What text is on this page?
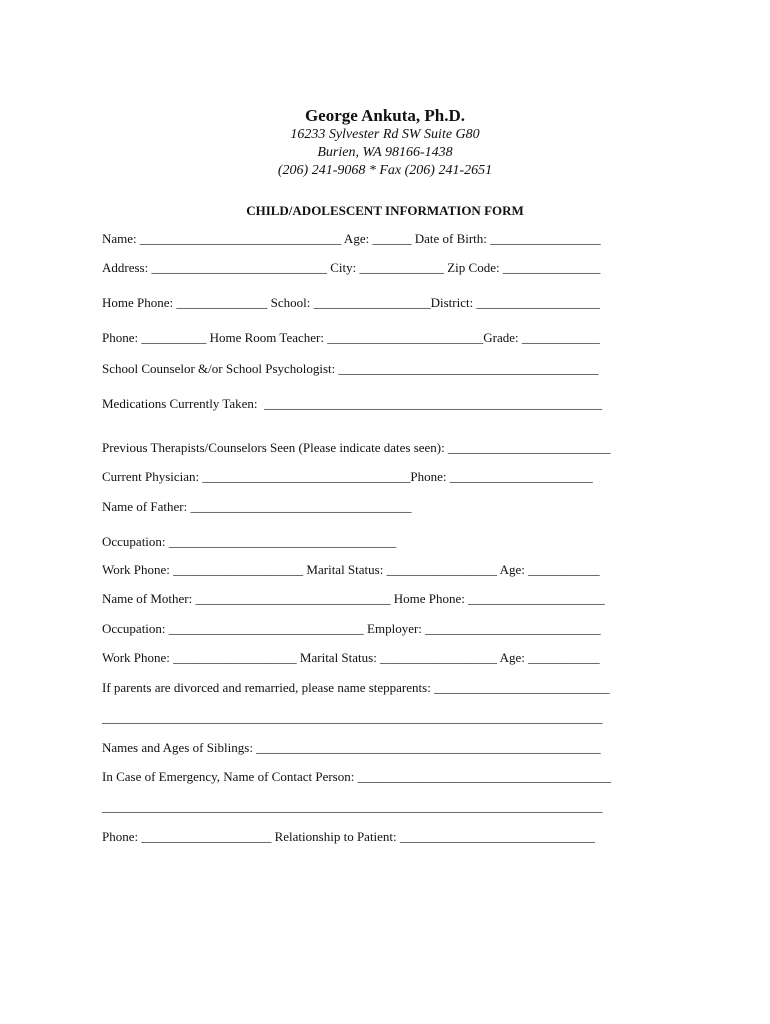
George Ankuta, Ph.D.
16233 Sylvester Rd SW Suite G80
Burien, WA 98166-1438
(206) 241-9068 * Fax (206) 241-2651
CHILD/ADOLESCENT INFORMATION FORM
Name: _______________________________ Age: ______ Date of Birth: _________________
Address: ___________________________ City: _____________ Zip Code: _______________
Home Phone: ______________ School: __________________District: ___________________
Phone: __________ Home Room Teacher: ________________________Grade: ____________
School Counselor &/or School Psychologist: ________________________________________
Medications Currently Taken:  ____________________________________________________
Previous Therapists/Counselors Seen (Please indicate dates seen): _________________________
Current Physician: ________________________________Phone: ______________________
Name of Father: __________________________________
Occupation: ___________________________________
Work Phone: ____________________ Marital Status: _________________ Age: ___________
Name of Mother: ______________________________ Home Phone: _____________________
Occupation: ______________________________ Employer: ___________________________
Work Phone: ___________________ Marital Status: __________________ Age: ___________
If parents are divorced and remarried, please name stepparents: ___________________________
_____________________________________________________________________________
Names and Ages of Siblings: _____________________________________________________
In Case of Emergency, Name of Contact Person: _______________________________________
_____________________________________________________________________________
Phone: ____________________ Relationship to Patient: ______________________________
